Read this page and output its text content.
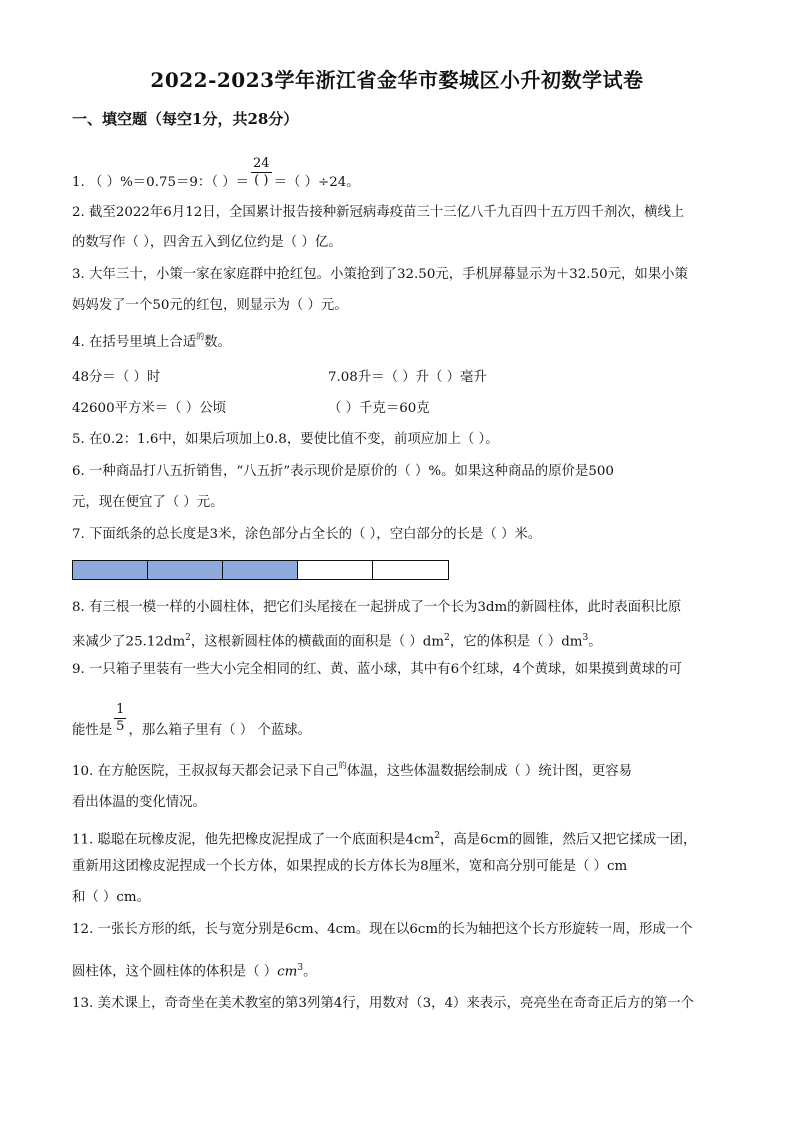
2022-2023学年浙江省金华市婺城区小升初数学试卷
一、填空题（每空1分，共28分）
1. （ ）%＝0.75＝9：（ ）＝ $\frac{24}{( )}$ ＝（ ）÷24。
2. 截至2022年6月12日，全国累计报告接种新冠病毒疫苗三十三亿八千九百四十五万四千剂次，横线上
的数写作（ ），四舍五入到亿位约是（ ）亿。
3. 大年三十，小策一家在家庭群中抢红包。小策抢到了32.50元，手机屏幕显示为＋32.50元，如果小策
妈妈发了一个50元的红包，则显示为（ ）元。
4. 在括号里填上合适$^的$数。
48分＝（ ）时	7.08升＝（ ）升（ ）毫升
42600平方米＝（ ）公顷	（ ）千克＝60克
5. 在0.2：1.6中，如果后项加上0.8，要使比值不变，前项应加上（ ）。
6. 一种商品打八五折销售，“八五折”表示现价是原价的（ ）%。如果这种商品的原价是500
元，现在便宜了（ ）元。
7. 下面纸条的总长度是3米，涂色部分占全长的（ ），空白部分的长是（ ）米。
8. 有三根一模一样的小圆柱体，把它们头尾接在一起拼成了一个长为3dm的新圆柱体，此时表面积比原
来减少了$25.12dm^2$，这根新圆柱体的横截面的面积是（ ）$dm^2$，它的体积是（ ）$dm^3$。
9. 一只箱子里装有一些大小完全相同的红、黄、蓝小球，其中有6个红球，4个黄球，如果摸到黄球的可
能性是 $\frac{1}{5}$ ，那么箱子里有（ ） 个蓝球。
10. 在方舱医院，王叔叔每天都会记录下自己$^的$体温，这些体温数据绘制成（ ）统计图，更容易
看出体温的变化情况。
11. 聪聪在玩橡皮泥，他先把橡皮泥捏成了一个底面积是$4cm^2$，高是6cm的圆锥，然后又把它揉成一团，
重新用这团橡皮泥捏成一个长方体，如果捏成的长方体长为8厘米，宽和高分别可能是（ ）cm
和（ ）cm。
12. 一张长方形的纸，长与宽分别是6cm、4cm。现在以6cm的长为轴把这个长方形旋转一周，形成一个
圆柱体，这个圆柱体的体积是（ ）$cm^3$。
13. 美术课上，奇奇坐在美术教室的第3列第4行，用数对（3，4）来表示，亮亮坐在奇奇正后方的第一个
